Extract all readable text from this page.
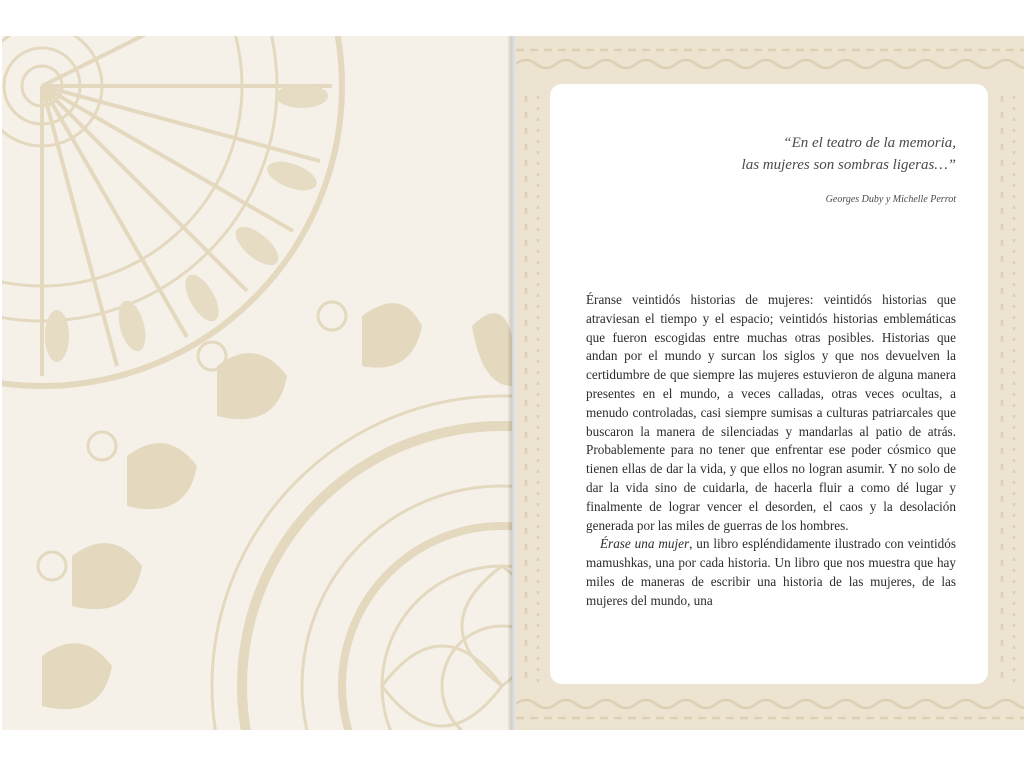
“En el teatro de la memoria,
las mujeres son sombras ligeras…”
Georges Duby y Michelle Perrot

Éranse veintidós historias de mujeres: veintidós historias que atraviesan el tiempo y el espacio; veintidós historias emblemáticas que fueron escogidas entre muchas otras posibles. Historias que andan por el mundo y surcan los siglos y que nos devuelven la certidumbre de que siempre las mujeres estuvieron de alguna manera presentes en el mundo, a veces calladas, otras veces ocultas, a menudo controladas, casi siempre sumisas a culturas patriarcales que buscaron la manera de silenciadas y mandarlas al patio de atrás. Probablemente para no tener que enfrentar ese poder cósmico que tienen ellas de dar la vida, y que ellos no logran asumir. Y no solo de dar la vida sino de cuidarla, de hacerla fluir a como dé lugar y finalmente de lograr vencer el desorden, el caos y la desolación generada por las miles de guerras de los hombres.

Érase una mujer, un libro espléndidamente ilustrado con veintidós mamushkas, una por cada historia. Un libro que nos muestra que hay miles de maneras de escribir una historia de las mujeres, de las mujeres del mundo, una
